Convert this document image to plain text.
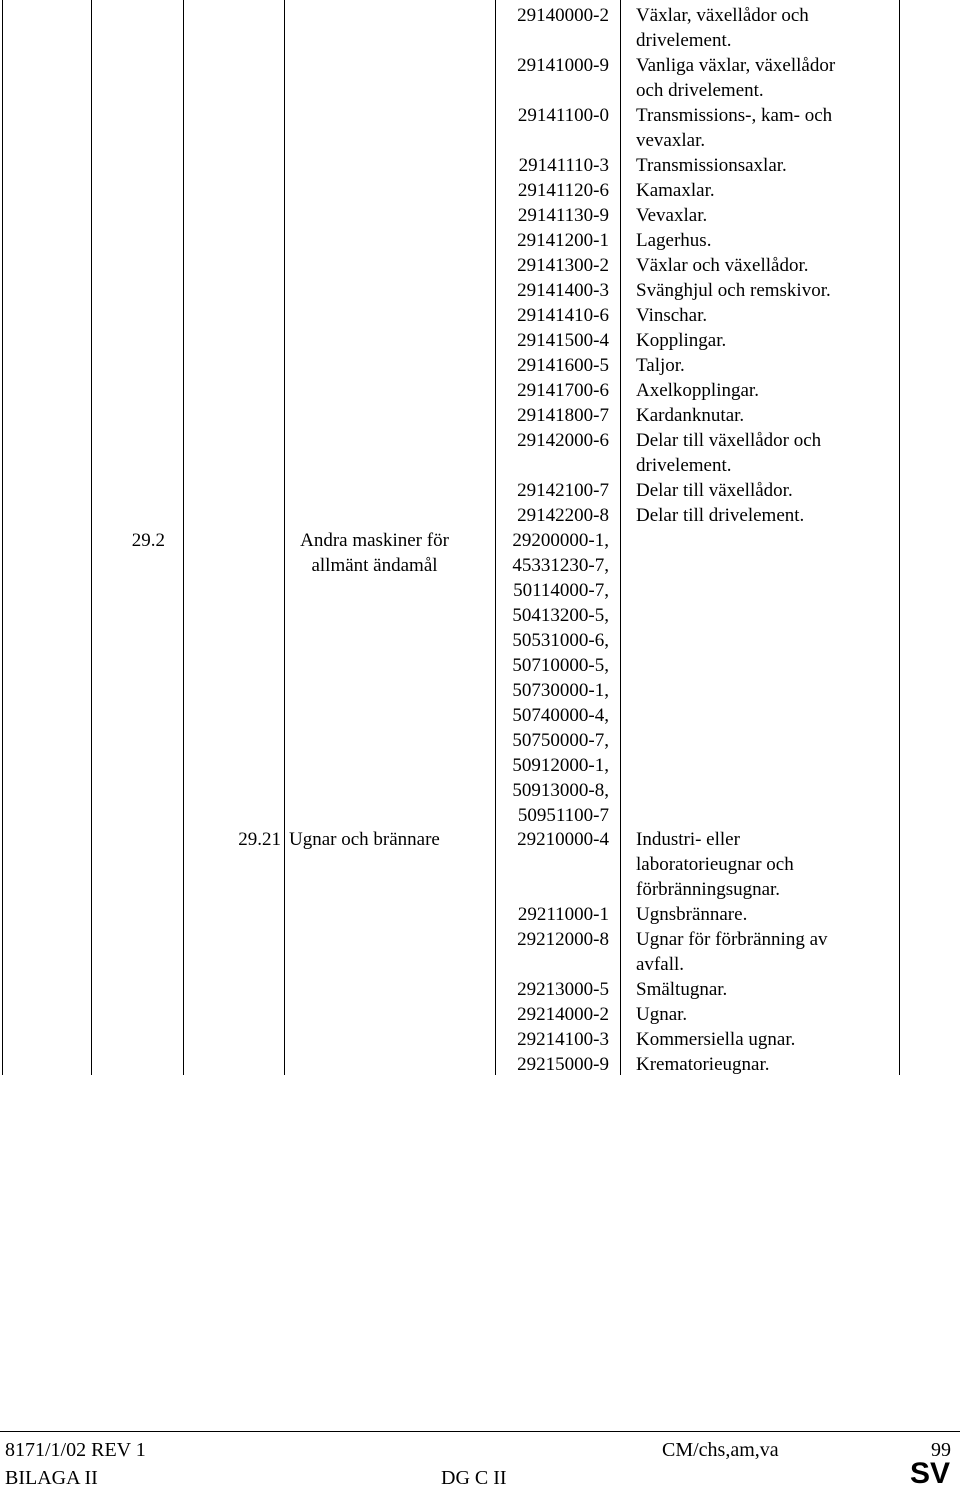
29140000-2 Växlar, växellådor och
drivelement.
29141000-9 Vanliga växlar, växellådor
och drivelement.
29141100-0 Transmissions-, kam- och
vevaxlar.
29141110-3 Transmissionsaxlar.
29141120-6 Kamaxlar.
29141130-9 Vevaxlar.
29141200-1 Lagerhus.
29141300-2 Växlar och växellådor.
29141400-3 Svänghjul och remskivor.
29141410-6 Vinschar.
29141500-4 Kopplingar.
29141600-5 Taljor.
29141700-6 Axelkopplingar.
29141800-7 Kardanknutar.
29142000-6 Delar till växellådor och
drivelement.
29142100-7 Delar till växellådor.
29142200-8 Delar till drivelement.
29.2	Andra maskiner för
allmänt ändamål
29200000-1,
45331230-7,
50114000-7,
50413200-5,
50531000-6,
50710000-5,
50730000-1,
50740000-4,
50750000-7,
50912000-1,
50913000-8,
50951100-7
29.21 Ugnar och brännare	29210000-4 Industri- eller
laboratorieugnar och
förbränningsugnar.
29211000-1 Ugnsbrännare.
29212000-8 Ugnar för förbränning av
avfall.
29213000-5 Smältugnar.
29214000-2 Ugnar.
29214100-3 Kommersiella ugnar.
29215000-9 Krematorieugnar.
8171/1/02 REV 1	CM/chs,am,va	99
BILAGA II	DG C II	SV
